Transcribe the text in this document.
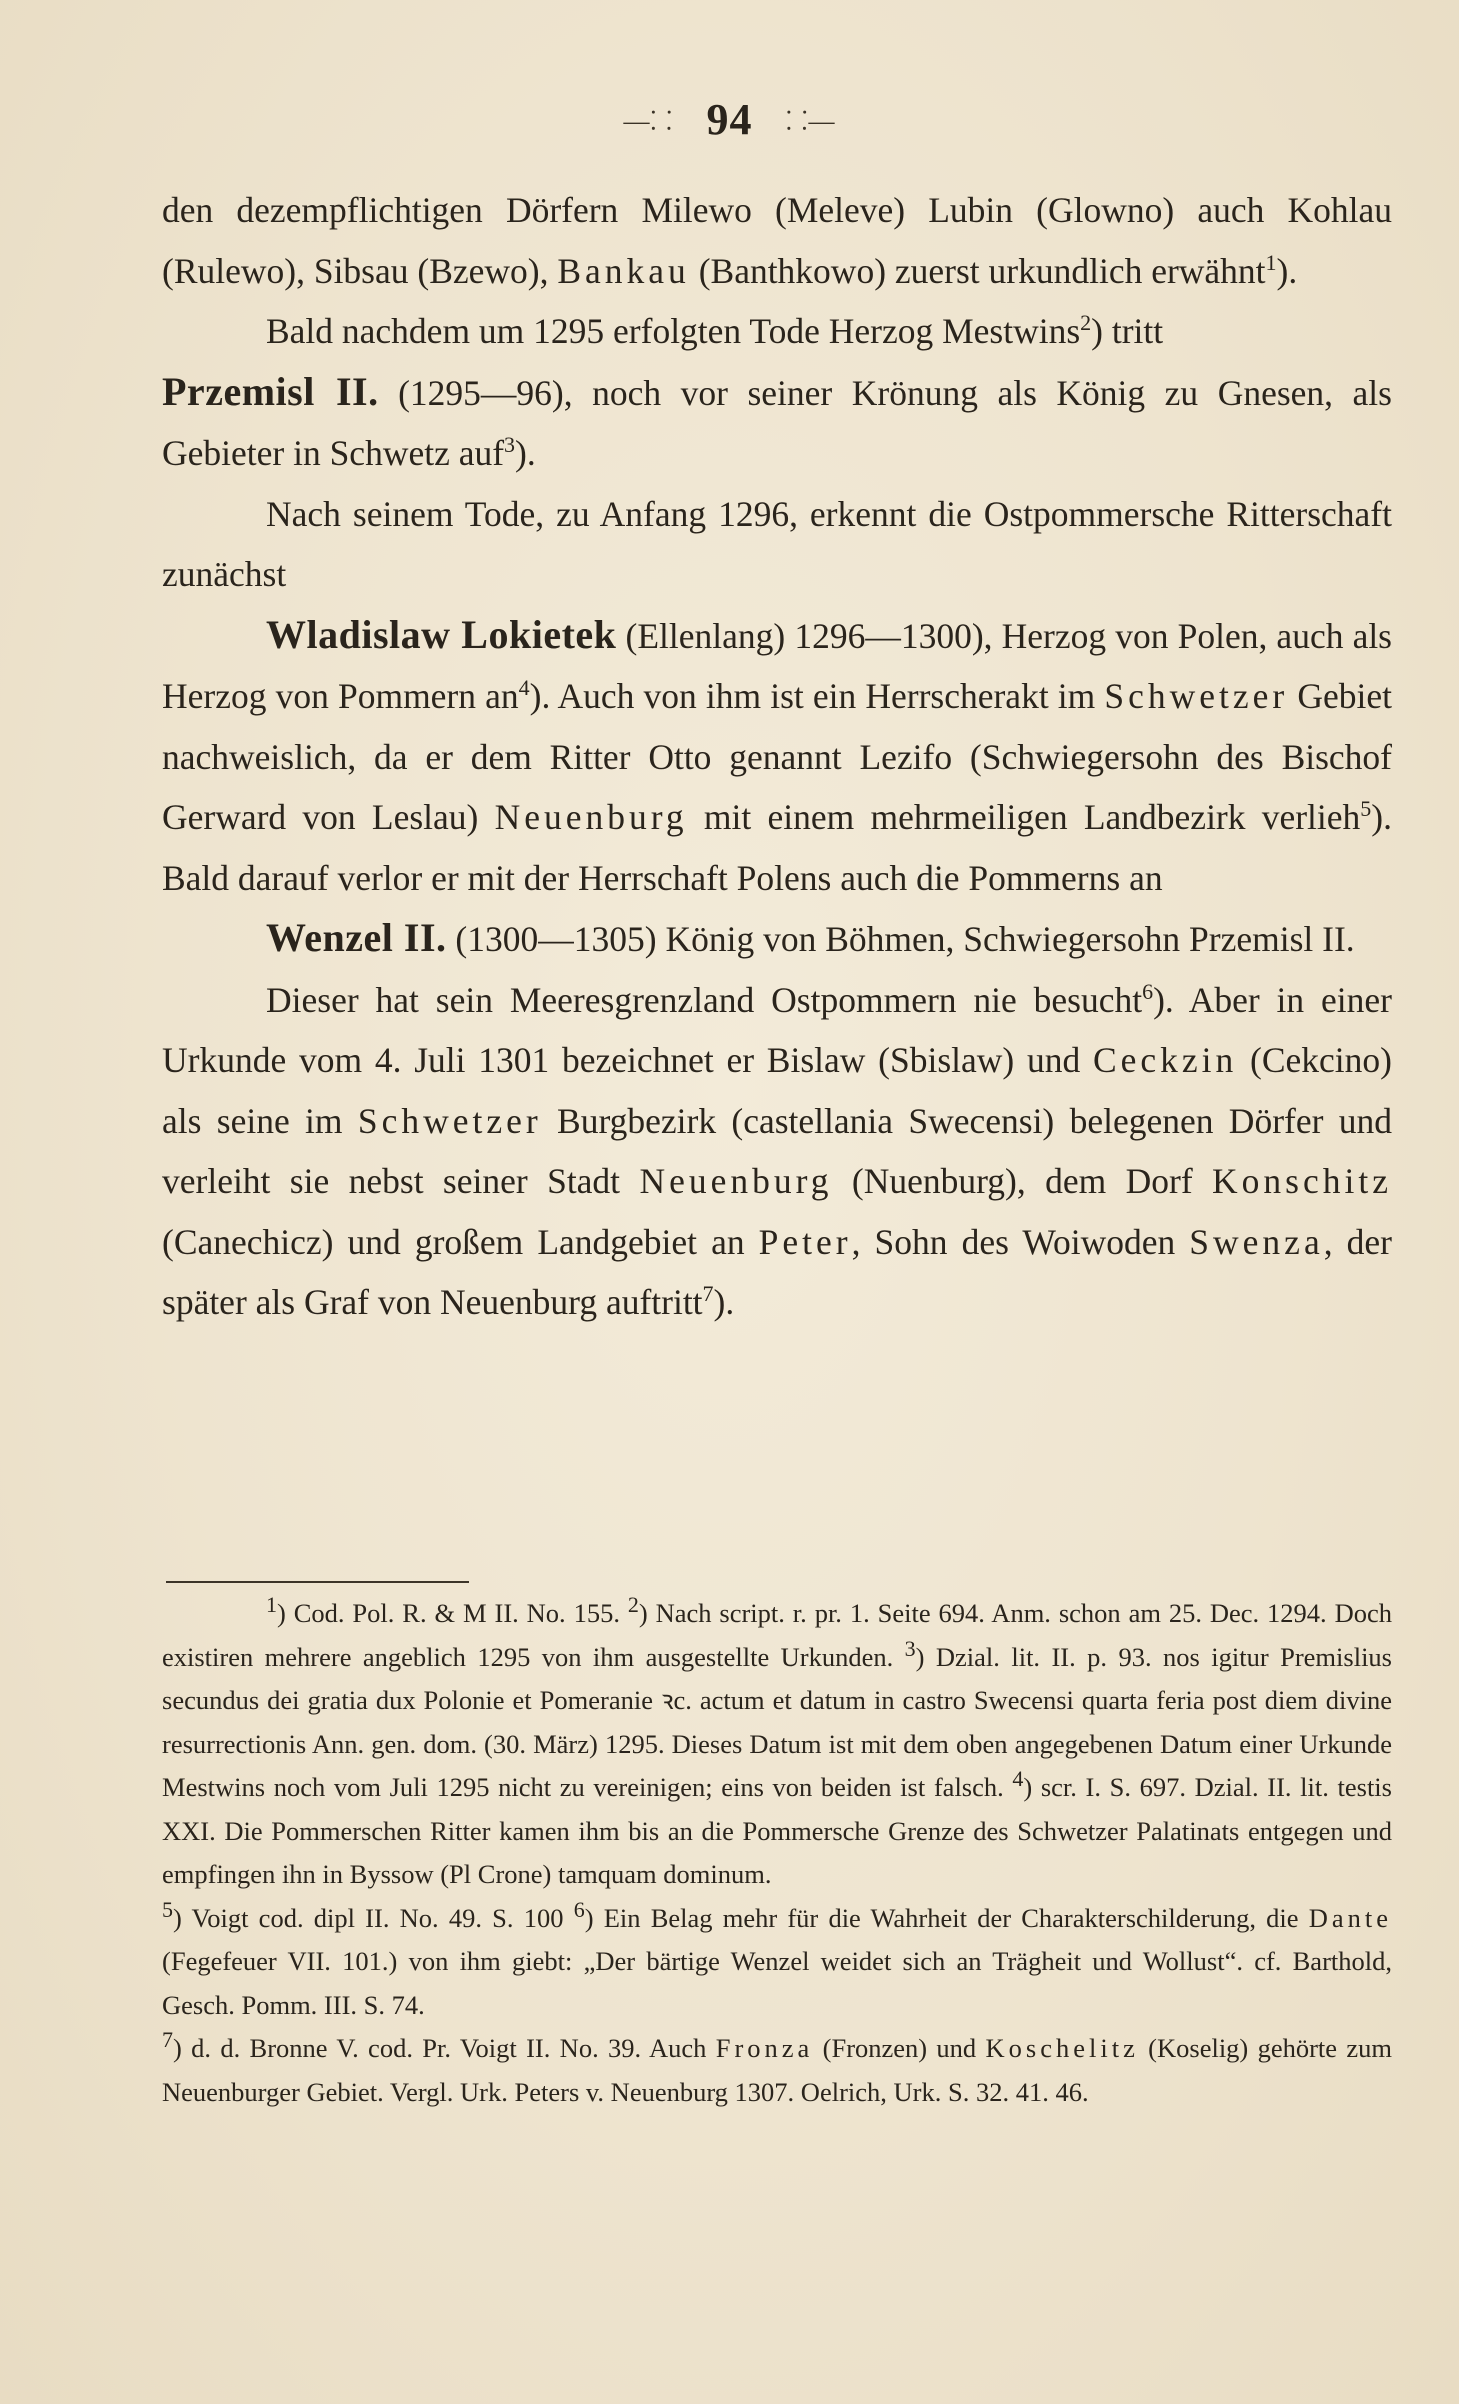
—⸬ 94 ⸬—

den dezempflichtigen Dörfern Milewo (Meleve) Lubin (Glowno) auch Kohlau (Rulewo), Sibsau (Bzewo), Bankau (Banthkowo) zuerst urkundlich erwähnt$^1$).

Bald nachdem um 1295 erfolgten Tode Herzog Mestwins$^2$) tritt
Przemisl II. (1295—96), noch vor seiner Krönung als König zu Gnesen, als Gebieter in Schwetz auf$^3$).

Nach seinem Tode, zu Anfang 1296, erkennt die Ostpommersche Ritterschaft zunächst

Wladislaw Lokietek (Ellenlang) 1296—1300), Herzog von Polen, auch als Herzog von Pommern $an^4$). Auch von ihm ist ein Herrscherakt im Schwetzer Gebiet nachweislich, da er dem Ritter Otto genannt Lezifo (Schwiegersohn des Bischof Gerward von Leslau) Neuenburg mit einem mehrmeiligen Landbezirk verlieh$^5$). Bald darauf verlor er mit der Herrschaft Polens auch die Pommerns an

Wenzel II. (1300—1305) König von Böhmen, Schwiegersohn Przemisl II.

Dieser hat sein Meeresgrenzland Ostpommern nie besucht$^6$). Aber in einer Urkunde vom 4. Juli 1301 bezeichnet er Bislaw (Sbislaw) und Ceckzin (Cekcino) als seine im Schwetzer Burgbezirk (castellania Swecensi) belegenen Dörfer und verleiht sie nebst seiner Stadt Neuenburg (Nuenburg), dem Dorf Konschitz (Canechicz) und großem Landgebiet an Peter, Sohn des Woiwoden Swenza, der später als Graf von Neuenburg auftritt$^7$).

$^1$) Cod. Pol. R. & M II. No. 155. $^2$) Nach script. r. pr. 1. Seite 694. Anm. schon am 25. Dec. 1294. Doch existiren mehrere angeblich 1295 von ihm ausgestellte Urkunden. $^3$) Dzial. lit. II. p. 93. nos igitur Premislius secundus dei gratia dux Polonie et Pomeranie ꝛc. actum et datum in castro Swecensi quarta feria post diem divine resurrectionis Ann. gen. dom. (30. März) 1295. Dieses Datum ist mit dem oben angegebenen Datum einer Urkunde Mestwins noch vom Juli 1295 nicht zu vereinigen; eins von beiden ist falsch. $^4$) scr. I. S. 697. Dzial. II. lit. testis XXI. Die Pommerschen Ritter kamen ihm bis an die Pommersche Grenze des Schwetzer Palatinats entgegen und empfingen ihn in Byssow (Pl Crone) tamquam dominum.
$^5$) Voigt cod. dipl II. No. 49. S. 100 $^6$) Ein Belag mehr für die Wahrheit der Charakterschilderung, die Dante (Fegefeuer VII. 101.) von ihm giebt: „Der bärtige Wenzel weidet sich an Trägheit und Wollust“. cf. Barthold, Gesch. Pomm. III. S. 74.
$^7$) d. d. Bronne V. cod. Pr. Voigt II. No. 39. Auch Fronza (Fronzen) und Koschelitz (Koselig) gehörte zum Neuenburger Gebiet. Vergl. Urk. Peters v. Neuenburg 1307. Oelrich, Urk. S. 32. 41. 46.
